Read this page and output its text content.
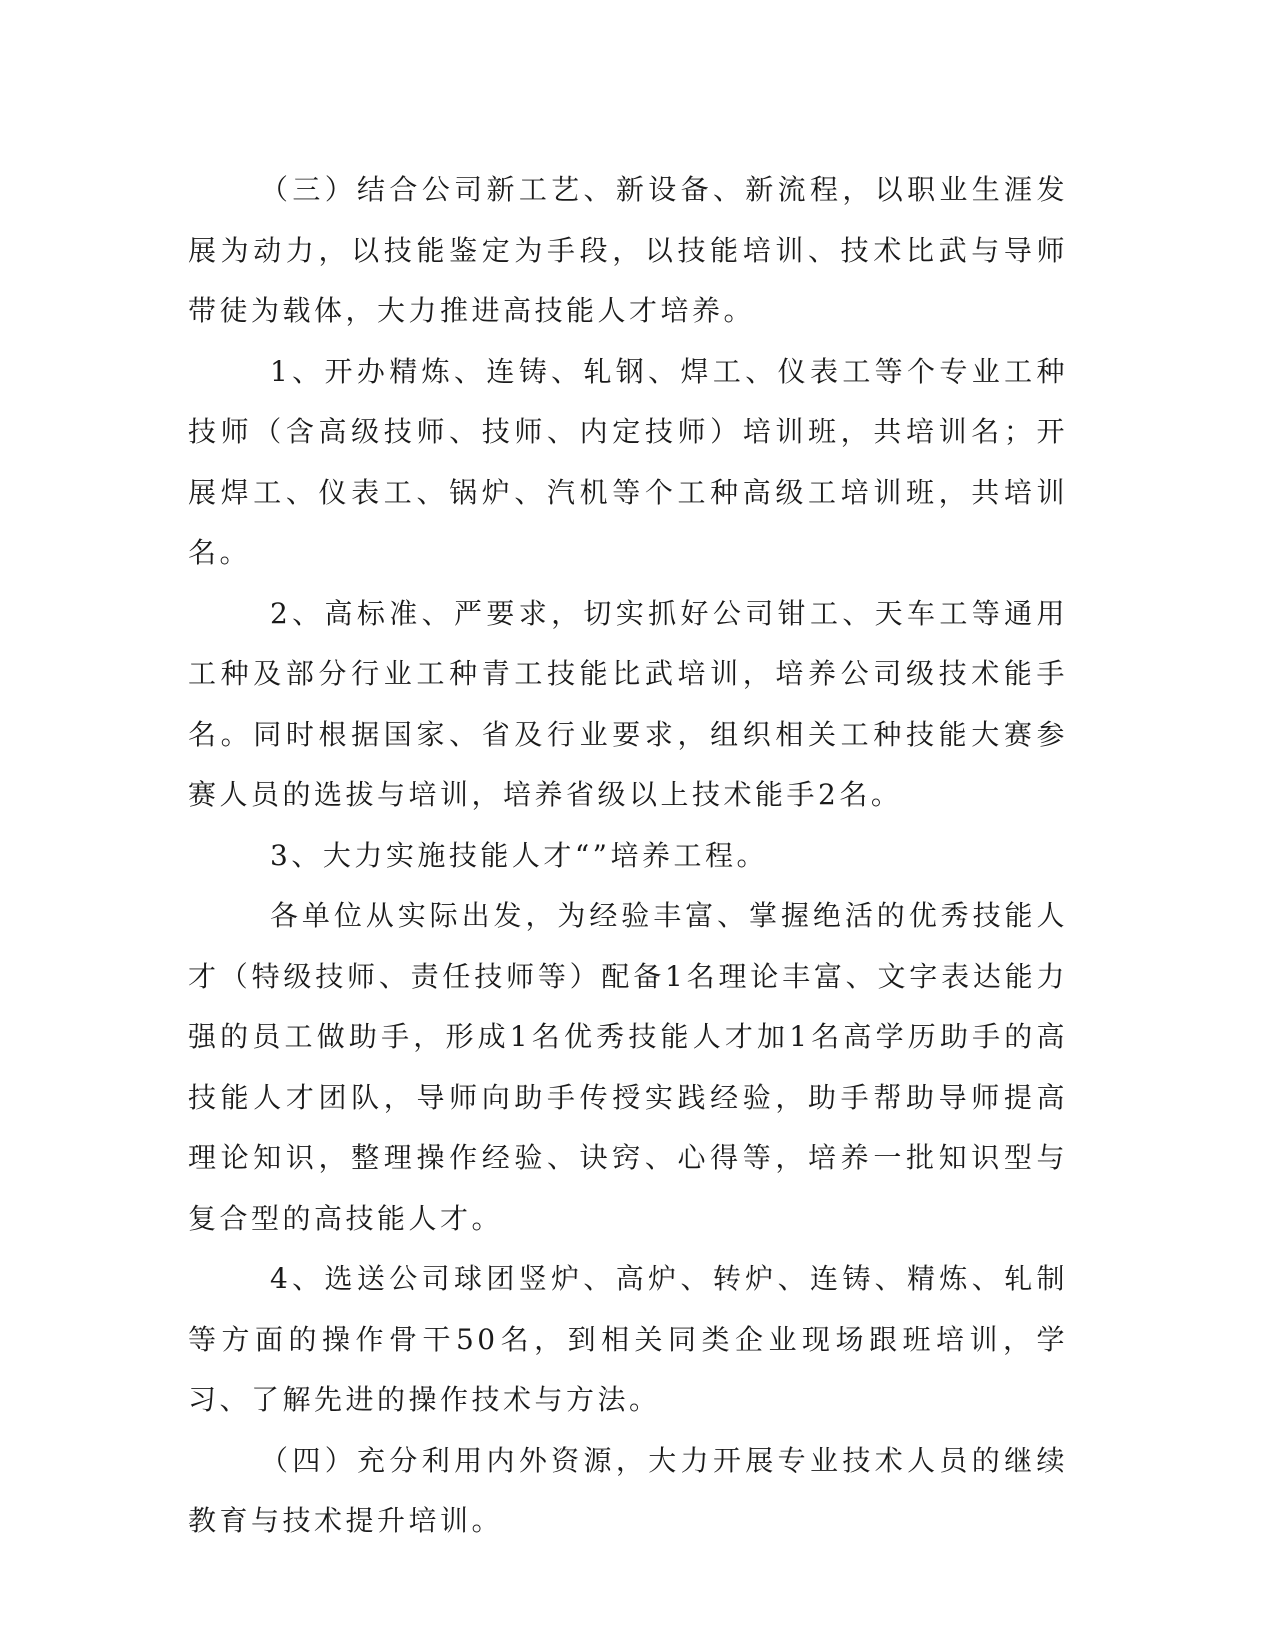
（三）结合公司新工艺、新设备、新流程，以职业生涯发展为动力，以技能鉴定为手段，以技能培训、技术比武与导师带徒为载体，大力推进高技能人才培养。

1、开办精炼、连铸、轧钢、焊工、仪表工等个专业工种技师（含高级技师、技师、内定技师）培训班，共培训名；开展焊工、仪表工、锅炉、汽机等个工种高级工培训班，共培训名。

2、高标准、严要求，切实抓好公司钳工、天车工等通用工种及部分行业工种青工技能比武培训，培养公司级技术能手名。同时根据国家、省及行业要求，组织相关工种技能大赛参赛人员的选拔与培训，培养省级以上技术能手2名。

3、大力实施技能人才“”培养工程。

各单位从实际出发，为经验丰富、掌握绝活的优秀技能人才（特级技师、责任技师等）配备1名理论丰富、文字表达能力强的员工做助手，形成1名优秀技能人才加1名高学历助手的高技能人才团队，导师向助手传授实践经验，助手帮助导师提高理论知识，整理操作经验、诀窍、心得等，培养一批知识型与复合型的高技能人才。

4、选送公司球团竖炉、高炉、转炉、连铸、精炼、轧制等方面的操作骨干50名，到相关同类企业现场跟班培训，学习、了解先进的操作技术与方法。

（四）充分利用内外资源，大力开展专业技术人员的继续教育与技术提升培训。
